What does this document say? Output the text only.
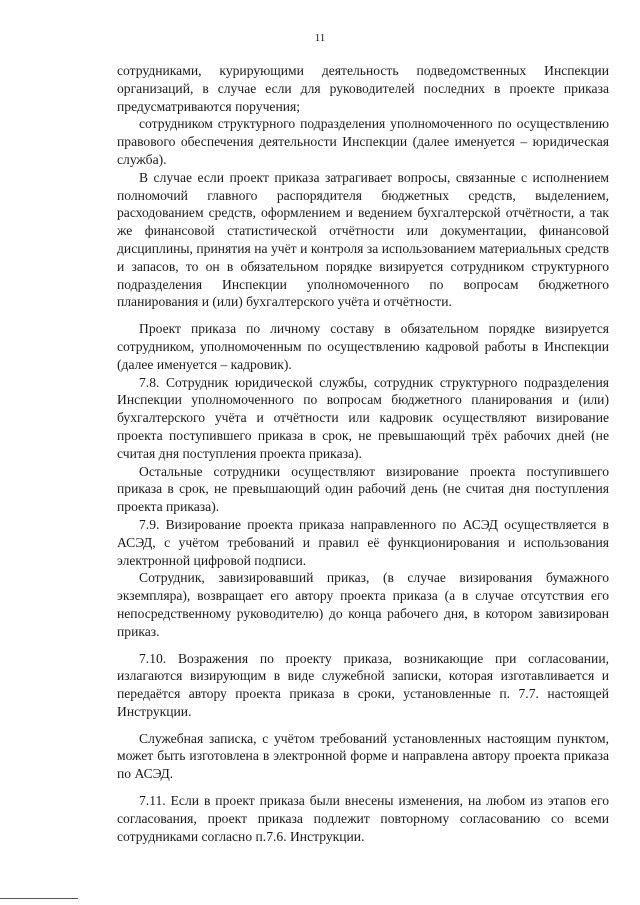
11

сотрудниками, курирующими деятельность подведомственных Инспекции организаций, в случае если для руководителей последних в проекте приказа предусматриваются поручения;

сотрудником структурного подразделения уполномоченного по осуществлению правового обеспечения деятельности Инспекции (далее именуется – юридическая служба).

В случае если проект приказа затрагивает вопросы, связанные с исполнением полномочий главного распорядителя бюджетных средств, выделением, расходованием средств, оформлением и ведением бухгалтерской отчётности, а так же финансовой статистической отчётности или документации, финансовой дисциплины, принятия на учёт и контроля за использованием материальных средств и запасов, то он в обязательном порядке визируется сотрудником структурного подразделения Инспекции уполномоченного по вопросам бюджетного планирования и (или) бухгалтерского учёта и отчётности.

Проект приказа по личному составу в обязательном порядке визируется сотрудником, уполномоченным по осуществлению кадровой работы в Инспекции (далее именуется – кадровик).

7.8. Сотрудник юридической службы, сотрудник структурного подразделения Инспекции уполномоченного по вопросам бюджетного планирования и (или) бухгалтерского учёта и отчётности или кадровик осуществляют визирование проекта поступившего приказа в срок, не превышающий трёх рабочих дней (не считая дня поступления проекта приказа).

Остальные сотрудники осуществляют визирование проекта поступившего приказа в срок, не превышающий один рабочий день (не считая дня поступления проекта приказа).

7.9. Визирование проекта приказа направленного по АСЭД осуществляется в АСЭД, с учётом требований и правил её функционирования и использования электронной цифровой подписи.

Сотрудник, завизировавший приказ, (в случае визирования бумажного экземпляра), возвращает его автору проекта приказа (а в случае отсутствия его непосредственному руководителю) до конца рабочего дня, в котором завизирован приказ.

7.10. Возражения по проекту приказа, возникающие при согласовании, излагаются визирующим в виде служебной записки, которая изготавливается и передаётся автору проекта приказа в сроки, установленные п. 7.7. настоящей Инструкции.

Служебная записка, с учётом требований установленных настоящим пунктом, может быть изготовлена в электронной форме и направлена автору проекта приказа по АСЭД.

7.11. Если в проект приказа были внесены изменения, на любом из этапов его согласования, проект приказа подлежит повторному согласованию со всеми сотрудниками согласно п.7.6. Инструкции.
